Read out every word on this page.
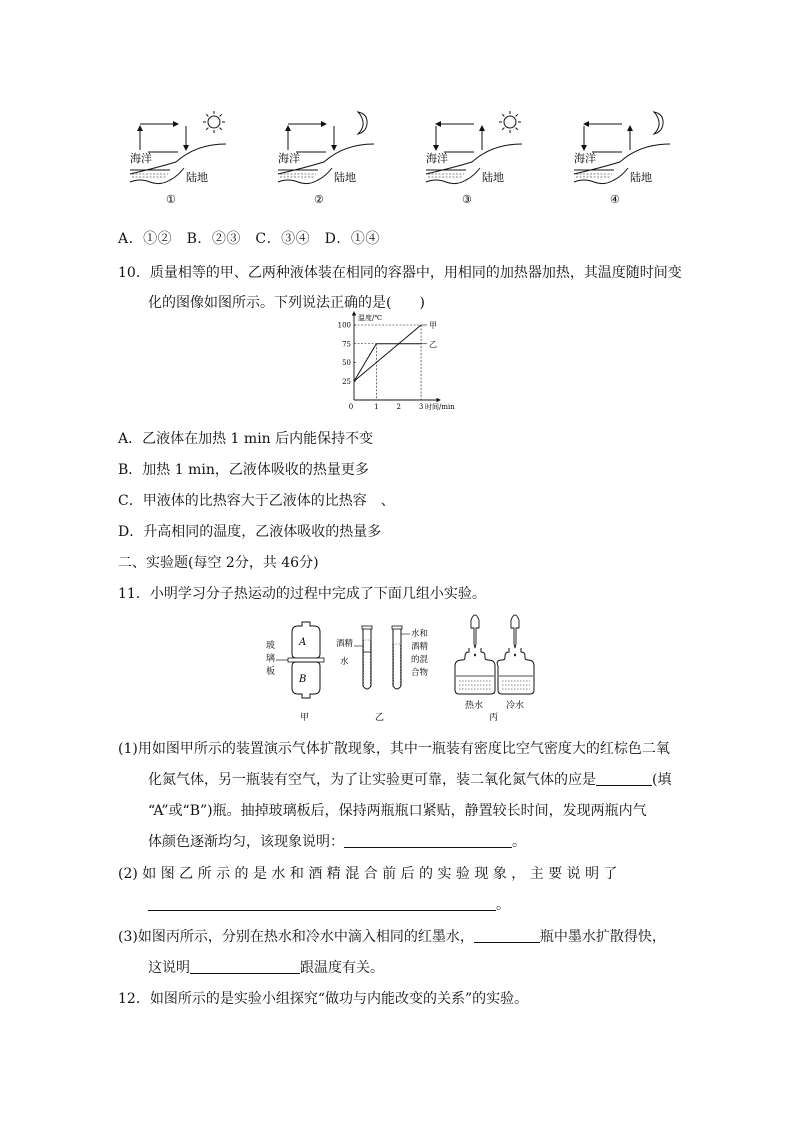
海洋
陆地
①
海洋
陆地
②
海洋
陆地
③
海洋
陆地
④
A．①②　B．②③　C．③④　D．①④
10．质量相等的甲、乙两种液体装在相同的容器中，用相同的加热器加热，其温度随时间变
化的图像如图所示。下列说法正确的是(　　)
25
50
75
100
0	1	2	3
温度/℃
时间/min
甲
乙
A．乙液体在加热 1 min 后内能保持不变
B．加热 1 min，乙液体吸收的热量更多
C．甲液体的比热容大于乙液体的比热容　、
D．升高相同的温度，乙液体吸收的热量多
二、实验题(每空 2分，共 46分)
11．小明学习分子热运动的过程中完成了下面几组小实验。
A
B
玻
璃
板
酒精
水
水和
酒精
的混
合物
热水	冷水
甲	乙	丙
(1)用如图甲所示的装置演示气体扩散现象，其中一瓶装有密度比空气密度大的红棕色二氧
化氮气体，另一瓶装有空气，为了让实验更可靠，装二氧化氮气体的应是	(填
“A”或“B”)瓶。抽掉玻璃板后，保持两瓶瓶口紧贴，静置较长时间，发现两瓶内气
体颜色逐渐均匀，该现象说明：	。
(2) 如 图 乙 所 示 的 是 水 和 酒 精 混 合 前 后 的 实 验 现 象 ， 主 要 说 明 了
。
(3)如图丙所示，分别在热水和冷水中滴入相同的红墨水，	瓶中墨水扩散得快，
这说明	跟温度有关。
12．如图所示的是实验小组探究“做功与内能改变的关系”的实验。
